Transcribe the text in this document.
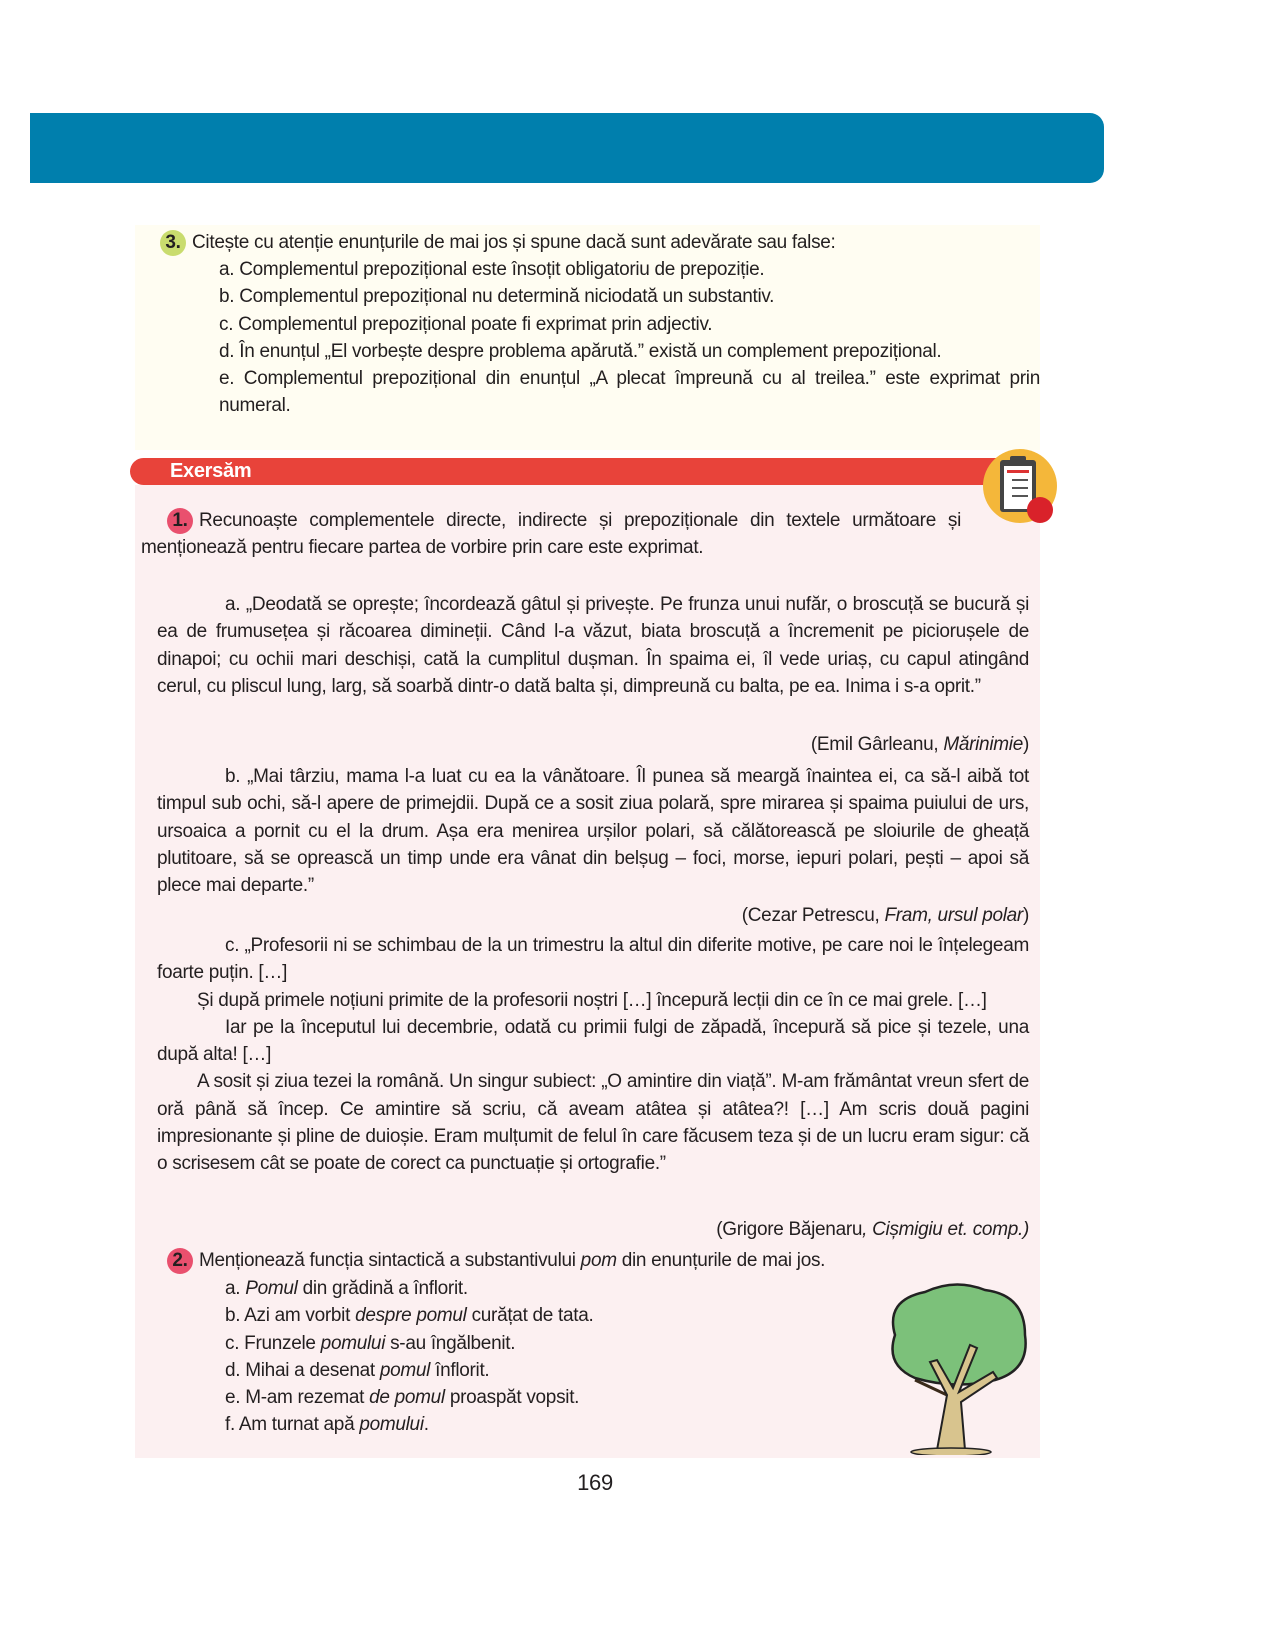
3. Citește cu atenție enunțurile de mai jos și spune dacă sunt adevărate sau false:
a. Complementul prepozițional este însoțit obligatoriu de prepoziție.
b. Complementul prepozițional nu determină niciodată un substantiv.
c. Complementul prepozițional poate fi exprimat prin adjectiv.
d. În enunțul „El vorbește despre problema apărută.” există un complement prepozițional.
e. Complementul prepozițional din enunțul „A plecat împreună cu al treilea.” este exprimat prin numeral.
Exersăm
1. Recunoaște complementele directe, indirecte și prepoziționale din textele următoare și menționează pentru fiecare partea de vorbire prin care este exprimat.
a. „Deodată se oprește; încordează gâtul și privește. Pe frunza unui nufăr, o broscuță se bucură și ea de frumusețea și răcoarea dimineții. Când l-a văzut, biata broscuță a încremenit pe piciorușele de dinapoi; cu ochii mari deschiși, cată la cumplitul dușman. În spaima ei, îl vede uriaș, cu capul atingând cerul, cu pliscul lung, larg, să soarbă dintr-o dată balta și, dimpreună cu balta, pe ea. Inima i s-a oprit.”
(Emil Gârleanu, Mărinimie)
b. „Mai târziu, mama l-a luat cu ea la vânătoare. Îl punea să meargă înaintea ei, ca să-l aibă tot timpul sub ochi, să-l apere de primejdii. După ce a sosit ziua polară, spre mirarea și spaima puiului de urs, ursoaica a pornit cu el la drum. Așa era menirea urșilor polari, să călătorească pe sloiurile de gheață plutitoare, să se oprească un timp unde era vânat din belșug – foci, morse, iepuri polari, pești – apoi să plece mai departe.”
(Cezar Petrescu, Fram, ursul polar)
c. „Profesorii ni se schimbau de la un trimestru la altul din diferite motive, pe care noi le înțelegeam foarte puțin. […]
Și după primele noțiuni primite de la profesorii noștri […] începură lecții din ce în ce mai grele. […]
Iar pe la începutul lui decembrie, odată cu primii fulgi de zăpadă, începură să pice și tezele, una după alta! […]
A sosit și ziua tezei la română. Un singur subiect: „O amintire din viață”. M-am frământat vreun sfert de oră până să încep. Ce amintire să scriu, că aveam atâtea și atâtea?! […] Am scris două pagini impresionante și pline de duioșie. Eram mulțumit de felul în care făcusem teza și de un lucru eram sigur: că o scrisesem cât se poate de corect ca punctuație și ortografie.”
(Grigore Băjenaru, Cișmigiu et. comp.)
2. Menționează funcția sintactică a substantivului pom din enunțurile de mai jos.
a. Pomul din grădină a înflorit.
b. Azi am vorbit despre pomul curățat de tata.
c. Frunzele pomului s-au îngălbenit.
d. Mihai a desenat pomul înflorit.
e. M-am rezemat de pomul proaspăt vopsit.
f. Am turnat apă pomului.
169
